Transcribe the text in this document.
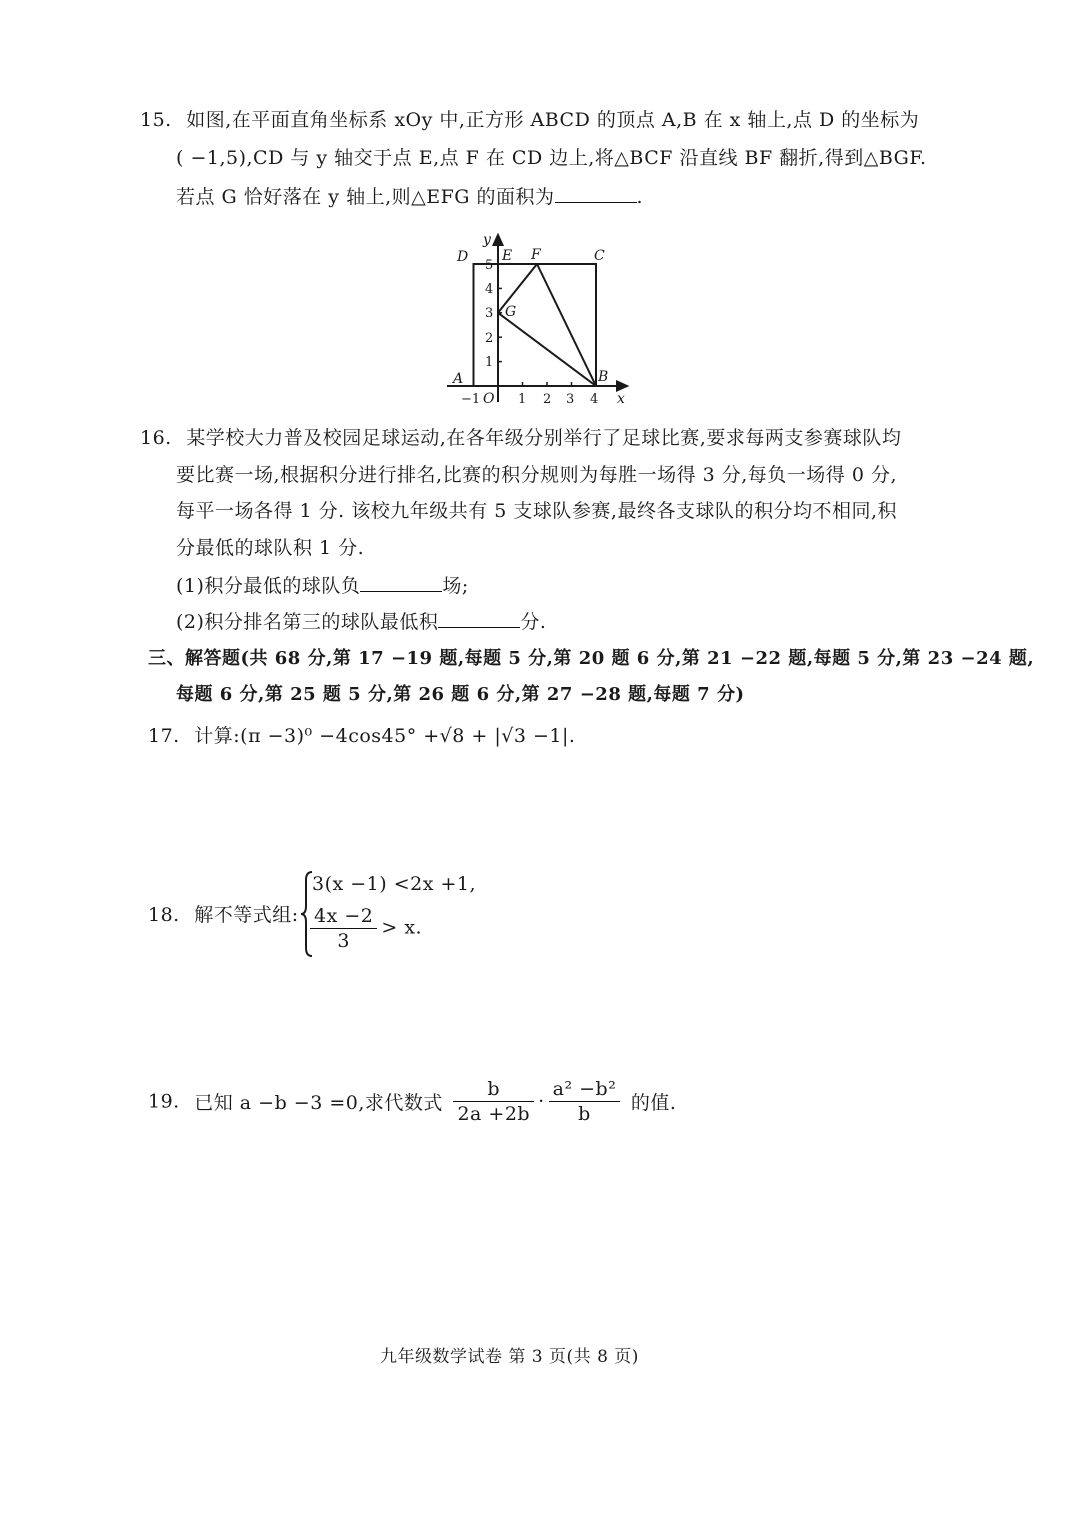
15. 如图,在平面直角坐标系 xOy 中,正方形 ABCD 的顶点 A,B 在 x 轴上,点 D 的坐标为
( −1,5),CD 与 y 轴交于点 E,点 F 在 CD 边上,将△BCF 沿直线 BF 翻折,得到△BGF.
若点 G 恰好落在 y 轴上,则△EFG 的面积为	.
y
D E F	C
G
A	B
x
O
5
4
3
2
1
−1	1 2 3 4
16. 某学校大力普及校园足球运动,在各年级分别举行了足球比赛,要求每两支参赛球队均
要比赛一场,根据积分进行排名,比赛的积分规则为每胜一场得 3 分,每负一场得 0 分,
每平一场各得 1 分. 该校九年级共有 5 支球队参赛,最终各支球队的积分均不相同,积
分最低的球队积 1 分.
(1)积分最低的球队负	场;
(2)积分排名第三的球队最低积	分.
三、解答题(共 68 分,第 17 −19 题,每题 5 分,第 20 题 6 分,第 21 −22 题,每题 5 分,第 23 −24 题,
每题 6 分,第 25 题 5 分,第 26 题 6 分,第 27 −28 题,每题 7 分)
17. 计算:(π −3)⁰ −4cos45° +√8 + |√3 −1|.
18. 解不等式组:
3(x −1) <2x +1,
$\frac{4x -2}{3} > x$.
19. 已知 a −b −3 =0,求代数式 $\frac{b}{2a +2b} \cdot \frac{\text{a² −b²}}{b}$ 的值.
九年级数学试卷 第 3 页(共 8 页)
